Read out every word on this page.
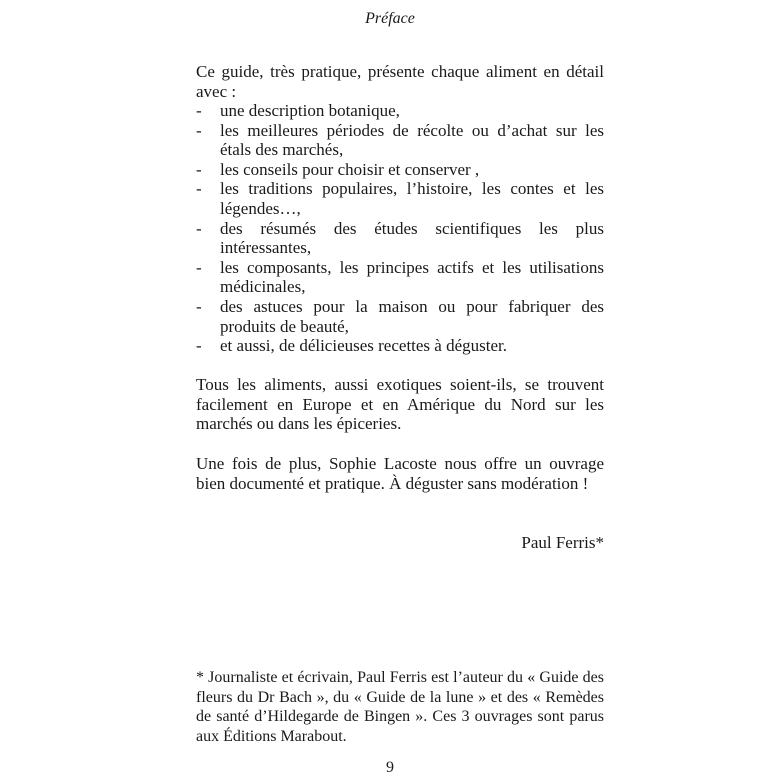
Préface

Ce guide, très pratique, présente chaque aliment en détail avec :

- une description botanique,
- les meilleures périodes de récolte ou d’achat sur les étals des marchés,
- les conseils pour choisir et conserver ,
- les traditions populaires, l’histoire, les contes et les légendes…,
- des résumés des études scientifiques les plus intéressantes,
- les composants, les principes actifs et les utilisations médicinales,
- des astuces pour la maison ou pour fabriquer des produits de beauté,
- et aussi, de délicieuses recettes à déguster.

Tous les aliments, aussi exotiques soient-ils, se trouvent facilement en Europe et en Amérique du Nord sur les marchés ou dans les épiceries.

Une fois de plus, Sophie Lacoste nous offre un ouvrage bien documenté et pratique. À déguster sans modération !

Paul Ferris*

* Journaliste et écrivain, Paul Ferris est l’auteur du « Guide des fleurs du Dr Bach », du « Guide de la lune » et des « Remèdes de santé d’Hildegarde de Bingen ». Ces 3 ouvrages sont parus aux Éditions Marabout.

9
